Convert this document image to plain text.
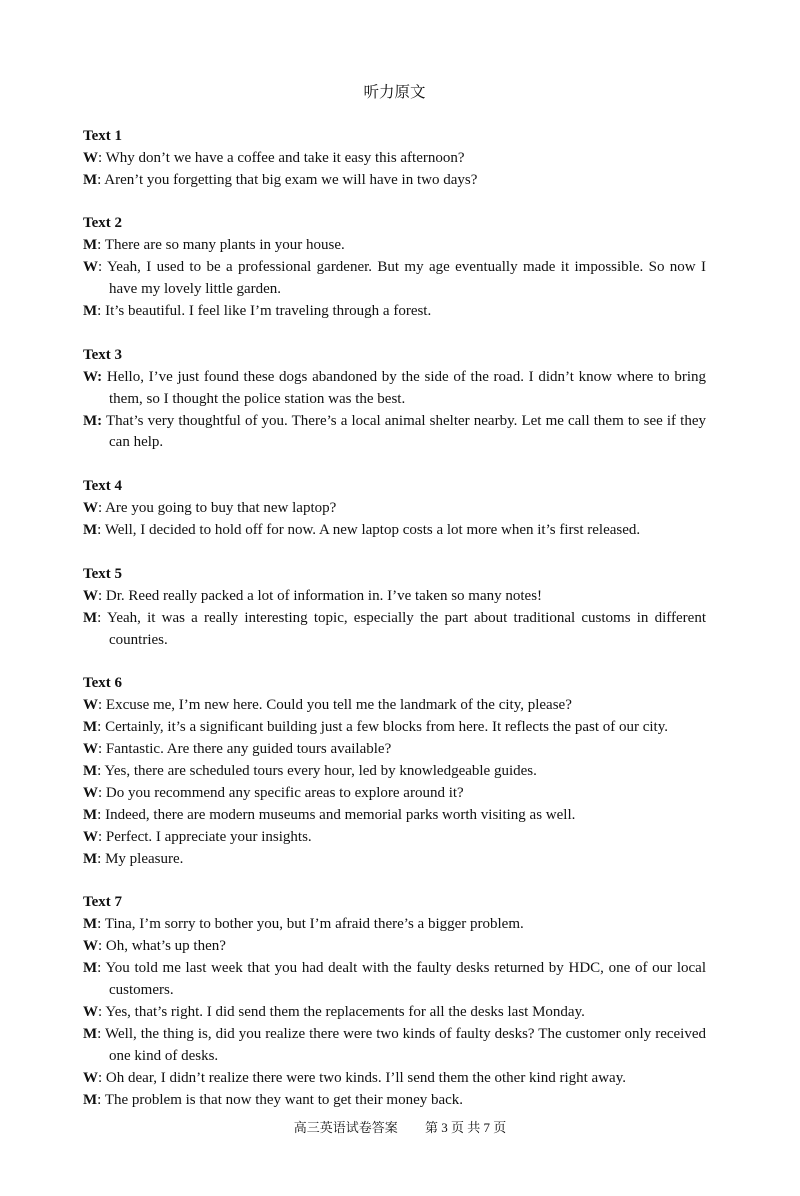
听力原文
Text 1
W: Why don’t we have a coffee and take it easy this afternoon?
M: Aren’t you forgetting that big exam we will have in two days?
Text 2
M: There are so many plants in your house.
W: Yeah, I used to be a professional gardener. But my age eventually made it impossible. So now I have my lovely little garden.
M: It’s beautiful. I feel like I’m traveling through a forest.
Text 3
W: Hello, I’ve just found these dogs abandoned by the side of the road. I didn’t know where to bring them, so I thought the police station was the best.
M: That’s very thoughtful of you. There’s a local animal shelter nearby. Let me call them to see if they can help.
Text 4
W: Are you going to buy that new laptop?
M: Well, I decided to hold off for now. A new laptop costs a lot more when it’s first released.
Text 5
W: Dr. Reed really packed a lot of information in. I’ve taken so many notes!
M: Yeah, it was a really interesting topic, especially the part about traditional customs in different countries.
Text 6
W: Excuse me, I’m new here. Could you tell me the landmark of the city, please?
M: Certainly, it’s a significant building just a few blocks from here. It reflects the past of our city.
W: Fantastic. Are there any guided tours available?
M: Yes, there are scheduled tours every hour, led by knowledgeable guides.
W: Do you recommend any specific areas to explore around it?
M: Indeed, there are modern museums and memorial parks worth visiting as well.
W: Perfect. I appreciate your insights.
M: My pleasure.
Text 7
M: Tina, I’m sorry to bother you, but I’m afraid there’s a bigger problem.
W: Oh, what’s up then?
M: You told me last week that you had dealt with the faulty desks returned by HDC, one of our local customers.
W: Yes, that’s right. I did send them the replacements for all the desks last Monday.
M: Well, the thing is, did you realize there were two kinds of faulty desks? The customer only received one kind of desks.
W: Oh dear, I didn’t realize there were two kinds. I’ll send them the other kind right away.
M: The problem is that now they want to get their money back.
高三英语试卷答案 第 3 页 共 7 页
